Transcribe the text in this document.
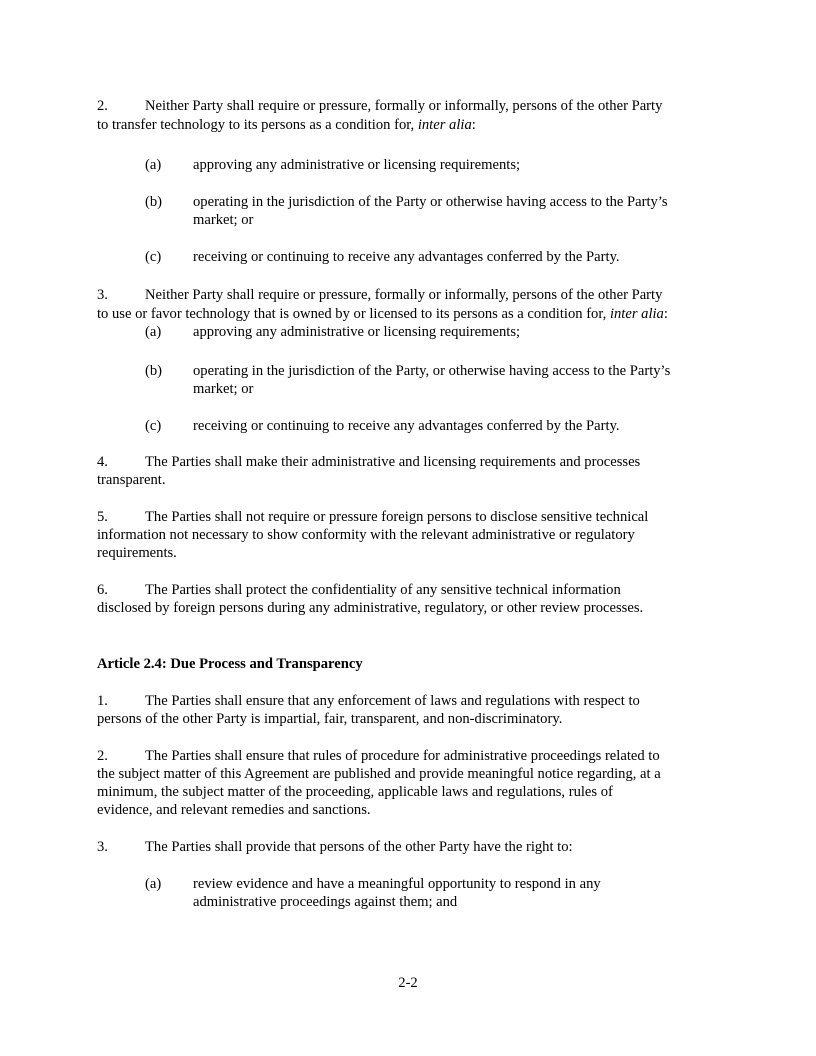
2.	Neither Party shall require or pressure, formally or informally, persons of the other Party
to transfer technology to its persons as a condition for, inter alia:
(a) approving any administrative or licensing requirements;
(b) operating in the jurisdiction of the Party or otherwise having access to the Party’s
market; or
(c) receiving or continuing to receive any advantages conferred by the Party.
3.	Neither Party shall require or pressure, formally or informally, persons of the other Party
to use or favor technology that is owned by or licensed to its persons as a condition for, inter alia:
(a) approving any administrative or licensing requirements;
(b) operating in the jurisdiction of the Party, or otherwise having access to the Party’s
market; or
(c) receiving or continuing to receive any advantages conferred by the Party.
4.	The Parties shall make their administrative and licensing requirements and processes
transparent.
5.	The Parties shall not require or pressure foreign persons to disclose sensitive technical
information not necessary to show conformity with the relevant administrative or regulatory
requirements.
6.	The Parties shall protect the confidentiality of any sensitive technical information
disclosed by foreign persons during any administrative, regulatory, or other review processes.
Article 2.4: Due Process and Transparency
1.	The Parties shall ensure that any enforcement of laws and regulations with respect to
persons of the other Party is impartial, fair, transparent, and non-discriminatory.
2.	The Parties shall ensure that rules of procedure for administrative proceedings related to
the subject matter of this Agreement are published and provide meaningful notice regarding, at a
minimum, the subject matter of the proceeding, applicable laws and regulations, rules of
evidence, and relevant remedies and sanctions.
3.	The Parties shall provide that persons of the other Party have the right to:
(a) review evidence and have a meaningful opportunity to respond in any
administrative proceedings against them; and
2-2
